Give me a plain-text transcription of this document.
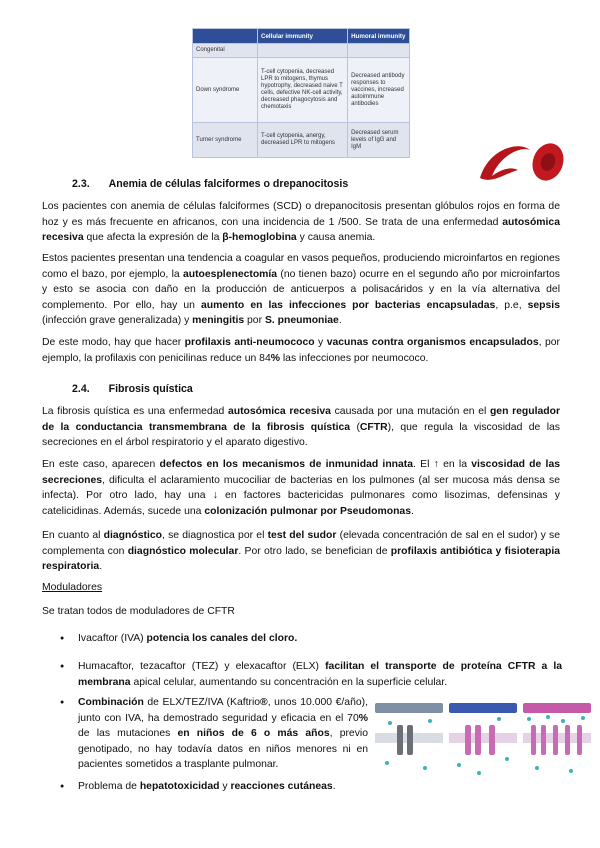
	Cellular immunity	Humoral immunity
Congenital		
Down syndrome	T-cell cytopenia, decreased LPR to mitogens, thymus hypotrophy, decreased naive T cells, defective NK-cell activity, decreased phagocytosis and chemotaxis	Decreased antibody responses to vaccines, increased autoimmune antibodies
Turner syndrome	T-cell cytopenia, anergy, decreased LPR to mitogens	Decreased serum levels of IgG and IgM
2.3. Anemia de células falciformes o drepanocitosis

Los pacientes con anemia de células falciformes (SCD) o drepanocitosis presentan glóbulos rojos en forma de hoz y es más frecuente en africanos, con una incidencia de 1 /500. Se trata de una enfermedad autosómica recesiva que afecta la expresión de la β-hemoglobina y causa anemia.

Estos pacientes presentan una tendencia a coagular en vasos pequeños, produciendo microinfartos en regiones como el bazo, por ejemplo, la autoesplenectomía (no tienen bazo) ocurre en el segundo año por microinfartos y esto se asocia con daño en la producción de anticuerpos a polisacáridos y en la vía alternativa del complemento. Por ello, hay un aumento en las infecciones por bacterias encapsuladas, p.e, sepsis (infección grave generalizada) y meningitis por S. pneumoniae.

De este modo, hay que hacer profilaxis anti-neumococo y vacunas contra organismos encapsulados, por ejemplo, la profilaxis con penicilinas reduce un 84% las infecciones por neumococo.

2.4. Fibrosis quística

La fibrosis quística es una enfermedad autosómica recesiva causada por una mutación en el gen regulador de la conductancia transmembrana de la fibrosis quística (CFTR), que regula la viscosidad de las secreciones en el árbol respiratorio y el aparato digestivo.

En este caso, aparecen defectos en los mecanismos de inmunidad innata. El ↑ en la viscosidad de las secreciones, dificulta el aclaramiento mucociliar de bacterias en los pulmones (al ser mucosa más densa se infecta). Por otro lado, hay una ↓ en factores bactericidas pulmonares como lisozimas, defensinas y catelicidinas. Además, sucede una colonización pulmonar por Pseudomonas.

En cuanto al diagnóstico, se diagnostica por el test del sudor (elevada concentración de sal en el sudor) y se complementa con diagnóstico molecular. Por otro lado, se benefician de profilaxis antibiótica y fisioterapia respiratoria.

Moduladores
Se tratan todos de moduladores de CFTR
● Ivacaftor (IVA) potencia los canales del cloro.
● Humacaftor, tezacaftor (TEZ) y elexacaftor (ELX) facilitan el transporte de proteína CFTR a la membrana apical celular, aumentando su concentración en la superficie celular.
● Combinación de ELX/TEZ/IVA (Kaftrio®, unos 10.000 €/año), junto con IVA, ha demostrado seguridad y eficacia en el 70% de las mutaciones en niños de 6 o más años, previo genotipado, no hay todavía datos en niños menores ni en pacientes sometidos a trasplante pulmonar.
● Problema de hepatotoxicidad y reacciones cutáneas.
